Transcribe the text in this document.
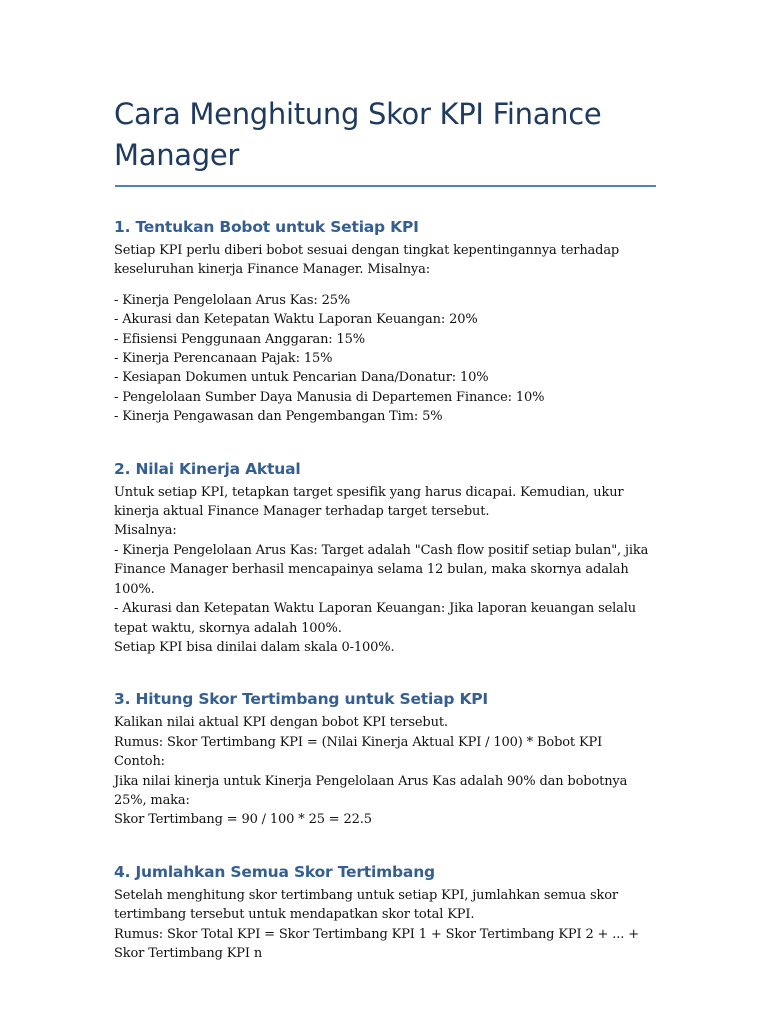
Cara Menghitung Skor KPI Finance Manager
1. Tentukan Bobot untuk Setiap KPI

Setiap KPI perlu diberi bobot sesuai dengan tingkat kepentingannya terhadap keseluruhan kinerja Finance Manager. Misalnya:

- Kinerja Pengelolaan Arus Kas: 25%
- Akurasi dan Ketepatan Waktu Laporan Keuangan: 20%
- Efisiensi Penggunaan Anggaran: 15%
- Kinerja Perencanaan Pajak: 15%
- Kesiapan Dokumen untuk Pencarian Dana/Donatur: 10%
- Pengelolaan Sumber Daya Manusia di Departemen Finance: 10%
- Kinerja Pengawasan dan Pengembangan Tim: 5%
2. Nilai Kinerja Aktual

Untuk setiap KPI, tetapkan target spesifik yang harus dicapai. Kemudian, ukur kinerja aktual Finance Manager terhadap target tersebut.

Misalnya:

- Kinerja Pengelolaan Arus Kas: Target adalah "Cash flow positif setiap bulan", jika Finance Manager berhasil mencapainya selama 12 bulan, maka skornya adalah 100%.

- Akurasi dan Ketepatan Waktu Laporan Keuangan: Jika laporan keuangan selalu tepat waktu, skornya adalah 100%.

Setiap KPI bisa dinilai dalam skala 0-100%.

3. Hitung Skor Tertimbang untuk Setiap KPI

Kalikan nilai aktual KPI dengan bobot KPI tersebut.

Rumus: Skor Tertimbang KPI = (Nilai Kinerja Aktual KPI / 100) * Bobot KPI

Contoh:

Jika nilai kinerja untuk Kinerja Pengelolaan Arus Kas adalah 90% dan bobotnya 25%, maka:

Skor Tertimbang = 90 / 100 * 25 = 22.5

4. Jumlahkan Semua Skor Tertimbang

Setelah menghitung skor tertimbang untuk setiap KPI, jumlahkan semua skor tertimbang tersebut untuk mendapatkan skor total KPI.

Rumus: Skor Total KPI = Skor Tertimbang KPI 1 + Skor Tertimbang KPI 2 + ... + Skor Tertimbang KPI n
